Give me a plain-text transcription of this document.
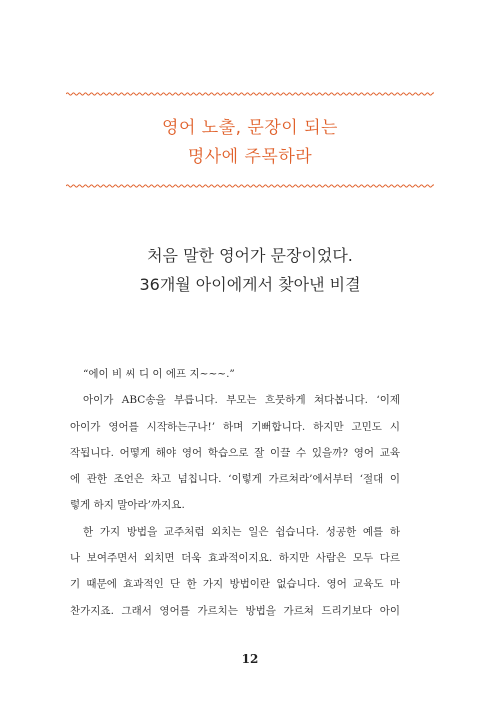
영어 노출, 문장이 되는
명사에 주목하라
처음 말한 영어가 문장이었다.
36개월 아이에게서 찾아낸 비결
“에이 비 씨 디 이 에프 지~~~.”
아이가 ABC송을 부릅니다. 부모는 흐뭇하게 쳐다봅니다. ‘이제
아이가 영어를 시작하는구나!’ 하며 기뻐합니다. 하지만 고민도 시
작됩니다. 어떻게 해야 영어 학습으로 잘 이끌 수 있을까? 영어 교육
에 관한 조언은 차고 넘칩니다. ‘이렇게 가르쳐라’에서부터 ‘절대 이
렇게 하지 말아라’까지요.
한 가지 방법을 교주처럼 외치는 일은 쉽습니다. 성공한 예를 하
나 보여주면서 외치면 더욱 효과적이지요. 하지만 사람은 모두 다르
기 때문에 효과적인 단 한 가지 방법이란 없습니다. 영어 교육도 마
찬가지죠. 그래서 영어를 가르치는 방법을 가르쳐 드리기보다 아이
12
